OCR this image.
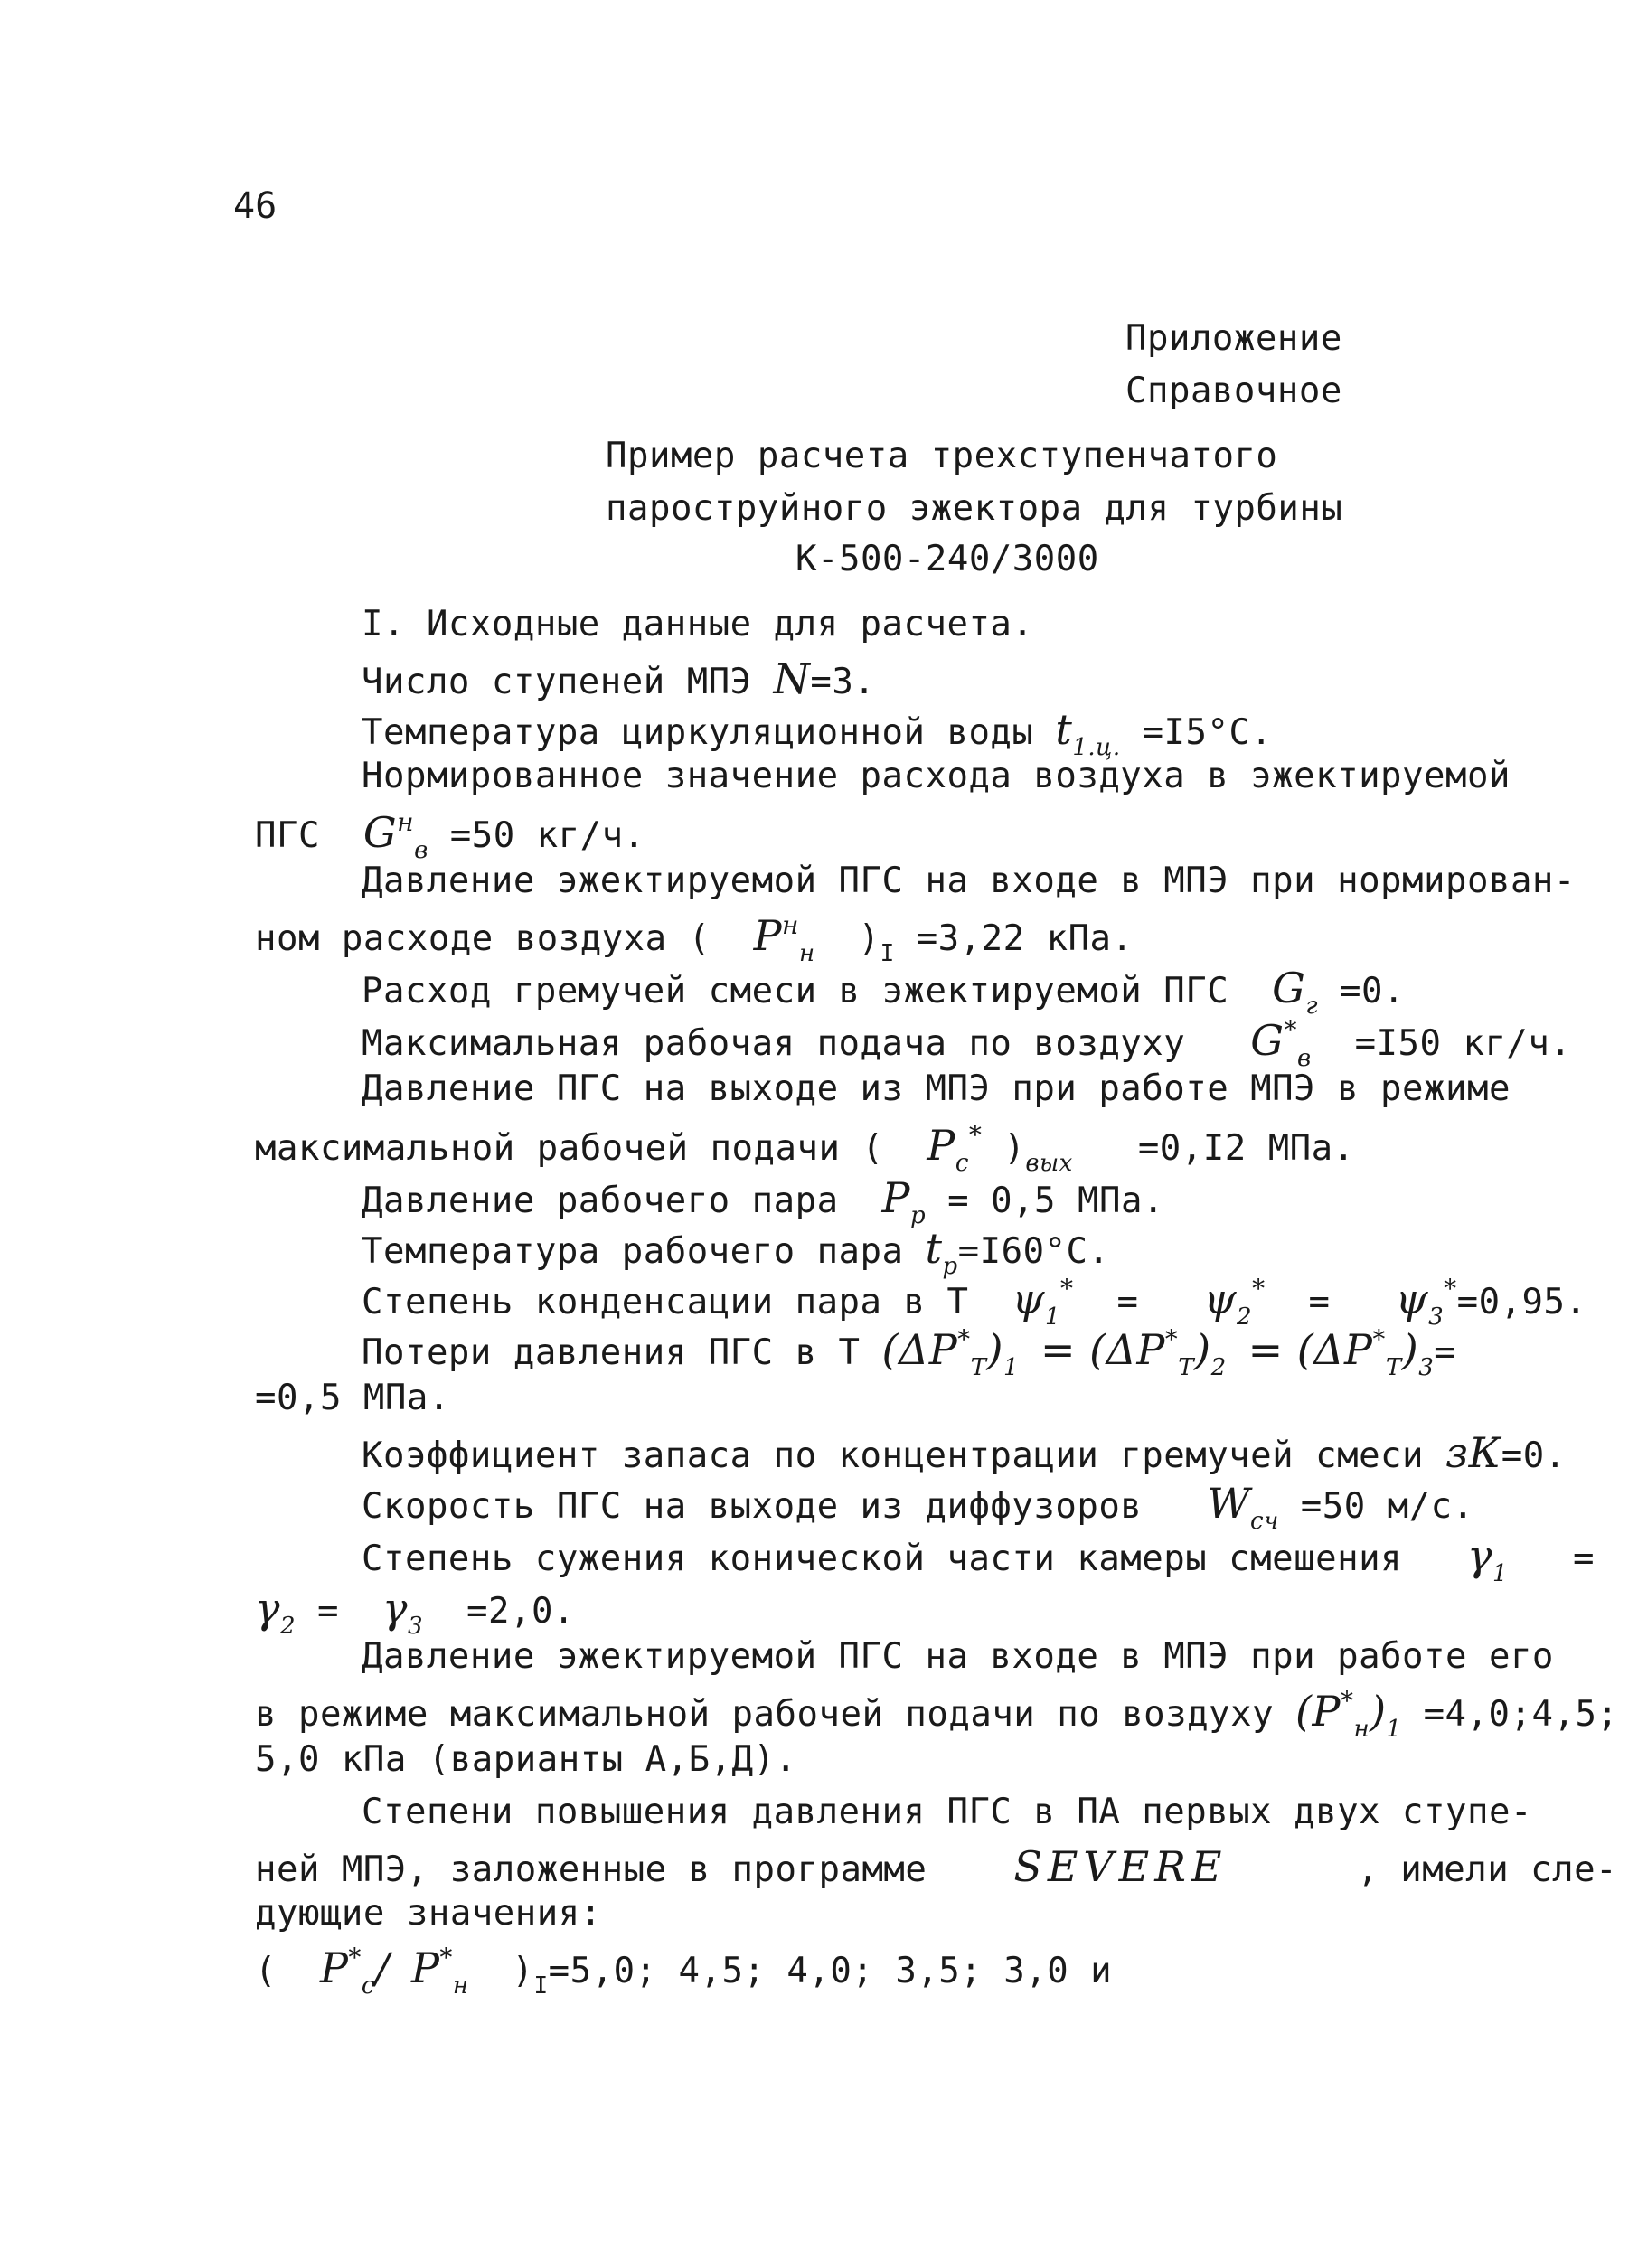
46
Приложение
Справочное
Пример расчета трехступенчатого
пароструйного эжектора для турбины
К-500-240/3000
I. Исходные данные для расчета.
Число ступеней МПЭ N=3.
Температура циркуляционной воды $t_{1.ц.} =I5^\circ C$.
Нормированное значение расхода воздуха в эжектируемой
ПГС $G^н_в =50$ кг/ч.
Давление эжектируемой ПГС на входе в МПЭ при нормирован-
ном расходе воздуха ( $P^н_н$ )$_I =3,22$ кПа.
Расход гремучей смеси в эжектируемой ПГС $G_г =0$.
Максимальная рабочая подача по воздуху $G^*_в =I50$ кг/ч.
Давление ПГС на выходе из МПЭ при работе МПЭ в режиме
максимальной рабочей подачи ( $P_с^*$ )$_{вых} =0,I2$ МПа.
Давление рабочего пара $P_р = 0,5$ МПа.
Температура рабочего пара $t_р=I60^\circ C$.
Степень конденсации пара в Т $\psi_1^* = \psi_2^* = \psi_3^*=0,95$.
Потери давления ПГС в Т $(\Delta P^*_Т)_1 = (\Delta P^*_Т)_2 = (\Delta P^*_Т)_3=$
=0,5 МПа.
Коэффициент запаса по концентрации гремучей смеси зК=0.
Скорость ПГС на выходе из диффузоров $W_{сч} =50$ м/с.
Степень сужения конической части камеры смешения $\gamma_1$ =
$\gamma_2 = \gamma_3 =2,0$.
Давление эжектируемой ПГС на входе в МПЭ при работе его
в режиме максимальной рабочей подачи по воздуху $(P^*_н)_1$ =4,0;4,5;
5,0 кПа (варианты А,Б,Д).
Степени повышения давления ПГС в ПА первых двух ступе-
ней МПЭ, заложенные в программе SEVERE	, имели сле-
дующие значения:
( $P^*_с/$ $P^*_н$ )$_I=5,0$; 4,5; 4,0; 3,5; 3,0 и
